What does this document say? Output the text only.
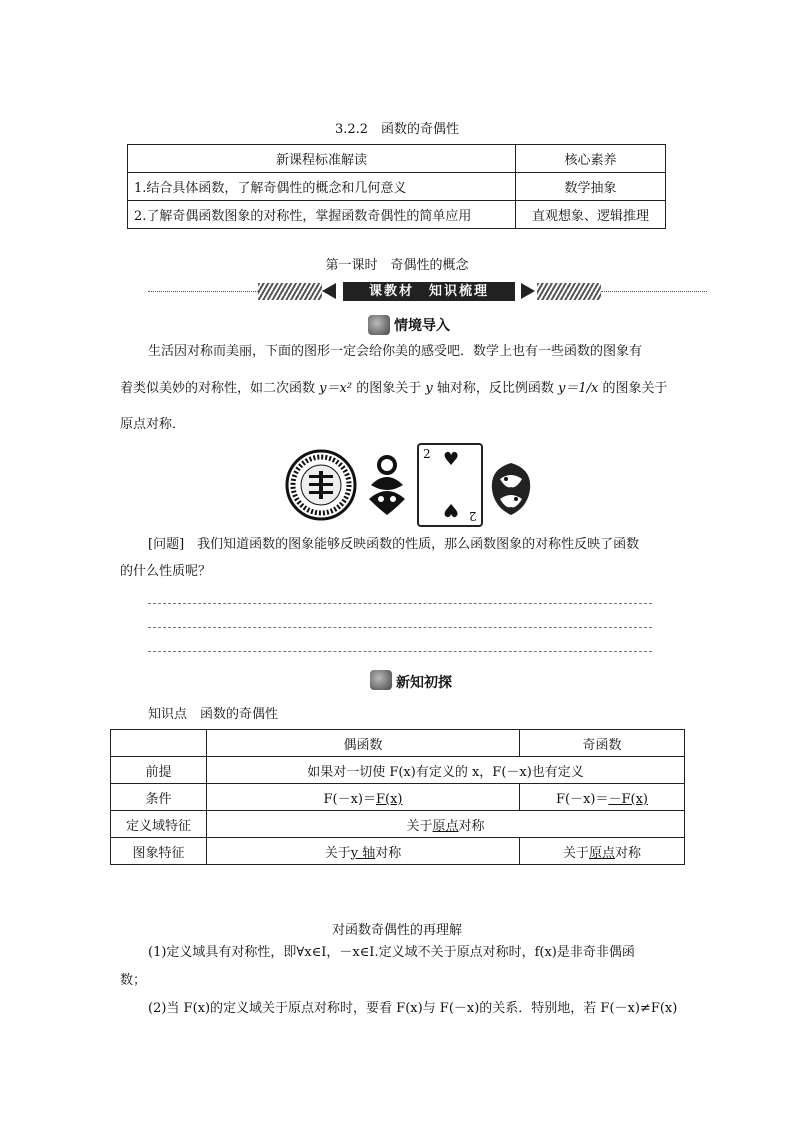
3.2.2　函数的奇偶性
新课程标准解读	核心素养
1.结合具体函数，了解奇偶性的概念和几何意义	数学抽象
2.了解奇偶函数图象的对称性，掌握函数奇偶性的简单应用	直观想象、逻辑推理
第一课时　奇偶性的概念
课教材　知识梳理
情境导入

生活因对称而美丽，下面的图形一定会给你美的感受吧．数学上也有一些函数的图象有

着类似美妙的对称性，如二次函数 y＝x² 的图象关于 y 轴对称，反比例函数 y＝1/x 的图象关于

原点对称．

2 ♥
♥ 2

[问题]　 我们知道函数的图象能够反映函数的性质，那么函数图象的对称性反映了函数

的什么性质呢？

新知初探
知识点　函数的奇偶性
	偶函数	奇函数
前提	如果对一切使 F(x)有定义的 x，F(－x)也有定义	
条件	F(－x)＝F(x)	F(－x)＝－F(x)
定义域特征	关于原点对称	
图象特征	关于y 轴对称	关于原点对称
对函数奇偶性的再理解

(1)定义域具有对称性，即∀x∈I，－x∈I.定义域不关于原点对称时，f(x)是非奇非偶函

数；

(2)当 F(x)的定义域关于原点对称时，要看 F(x)与 F(－x)的关系．特别地，若 F(－x)≠F(x)
